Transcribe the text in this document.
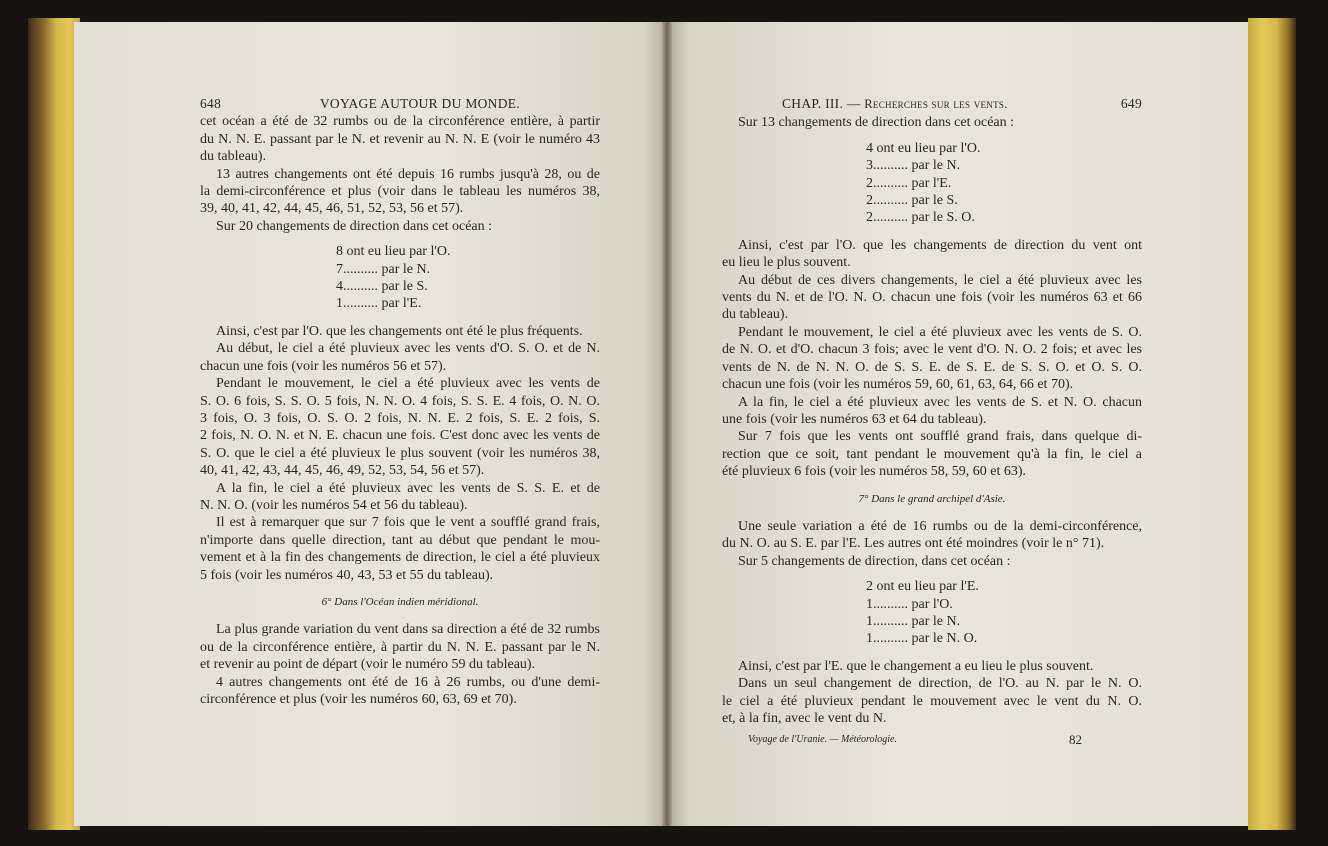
648	VOYAGE AUTOUR DU MONDE.
cet océan a été de 32 rumbs ou de la circonférence entière, à partir
du N. N. E. passant par le N. et revenir au N. N. E (voir le numéro 43
du tableau).
13 autres changements ont été depuis 16 rumbs jusqu'à 28, ou de
la demi-circonférence et plus (voir dans le tableau les numéros 38,
39, 40, 41, 42, 44, 45, 46, 51, 52, 53, 56 et 57).
Sur 20 changements de direction dans cet océan :
8 ont eu lieu par l'O.
7.......... par le N.
4.......... par le S.
1.......... par l'E.
Ainsi, c'est par l'O. que les changements ont été le plus fréquents.
Au début, le ciel a été pluvieux avec les vents d'O. S. O. et de N.
chacun une fois (voir les numéros 56 et 57).
Pendant le mouvement, le ciel a été pluvieux avec les vents de
S. O. 6 fois, S. S. O. 5 fois, N. N. O. 4 fois, S. S. E. 4 fois, O. N. O.
3 fois, O. 3 fois, O. S. O. 2 fois, N. N. E. 2 fois, S. E. 2 fois, S.
2 fois, N. O. N. et N. E. chacun une fois. C'est donc avec les vents de
S. O. que le ciel a été pluvieux le plus souvent (voir les numéros 38,
40, 41, 42, 43, 44, 45, 46, 49, 52, 53, 54, 56 et 57).
A la fin, le ciel a été pluvieux avec les vents de S. S. E. et de
N. N. O. (voir les numéros 54 et 56 du tableau).
Il est à remarquer que sur 7 fois que le vent a soufflé grand frais,
n'importe dans quelle direction, tant au début que pendant le mou-
vement et à la fin des changements de direction, le ciel a été pluvieux
5 fois (voir les numéros 40, 43, 53 et 55 du tableau).
6° Dans l'Océan indien méridional.
La plus grande variation du vent dans sa direction a été de 32 rumbs
ou de la circonférence entière, à partir du N. N. E. passant par le N.
et revenir au point de départ (voir le numéro 59 du tableau).
4 autres changements ont été de 16 à 26 rumbs, ou d'une demi-
circonférence et plus (voir les numéros 60, 63, 69 et 70).
CHAP. III. — Recherches sur les vents.	649
Sur 13 changements de direction dans cet océan :
4 ont eu lieu par l'O.
3.......... par le N.
2.......... par l'E.
2.......... par le S.
2.......... par le S. O.
Ainsi, c'est par l'O. que les changements de direction du vent ont
eu lieu le plus souvent.
Au début de ces divers changements, le ciel a été pluvieux avec les
vents du N. et de l'O. N. O. chacun une fois (voir les numéros 63 et 66
du tableau).
Pendant le mouvement, le ciel a été pluvieux avec les vents de S. O.
de N. O. et d'O. chacun 3 fois; avec le vent d'O. N. O. 2 fois; et avec les
vents de N. de N. N. O. de S. S. E. de S. E. de S. S. O. et O. S. O.
chacun une fois (voir les numéros 59, 60, 61, 63, 64, 66 et 70).
A la fin, le ciel a été pluvieux avec les vents de S. et N. O. chacun
une fois (voir les numéros 63 et 64 du tableau).
Sur 7 fois que les vents ont soufflé grand frais, dans quelque di-
rection que ce soit, tant pendant le mouvement qu'à la fin, le ciel a
été pluvieux 6 fois (voir les numéros 58, 59, 60 et 63).
7° Dans le grand archipel d'Asie.
Une seule variation a été de 16 rumbs ou de la demi-circonférence,
du N. O. au S. E. par l'E. Les autres ont été moindres (voir le n° 71).
Sur 5 changements de direction, dans cet océan :
2 ont eu lieu par l'E.
1.......... par l'O.
1.......... par le N.
1.......... par le N. O.
Ainsi, c'est par l'E. que le changement a eu lieu le plus souvent.
Dans un seul changement de direction, de l'O. au N. par le N. O.
le ciel a été pluvieux pendant le mouvement avec le vent du N. O.
et, à la fin, avec le vent du N.
Voyage de l'Uranie. — Météorologie.	82
